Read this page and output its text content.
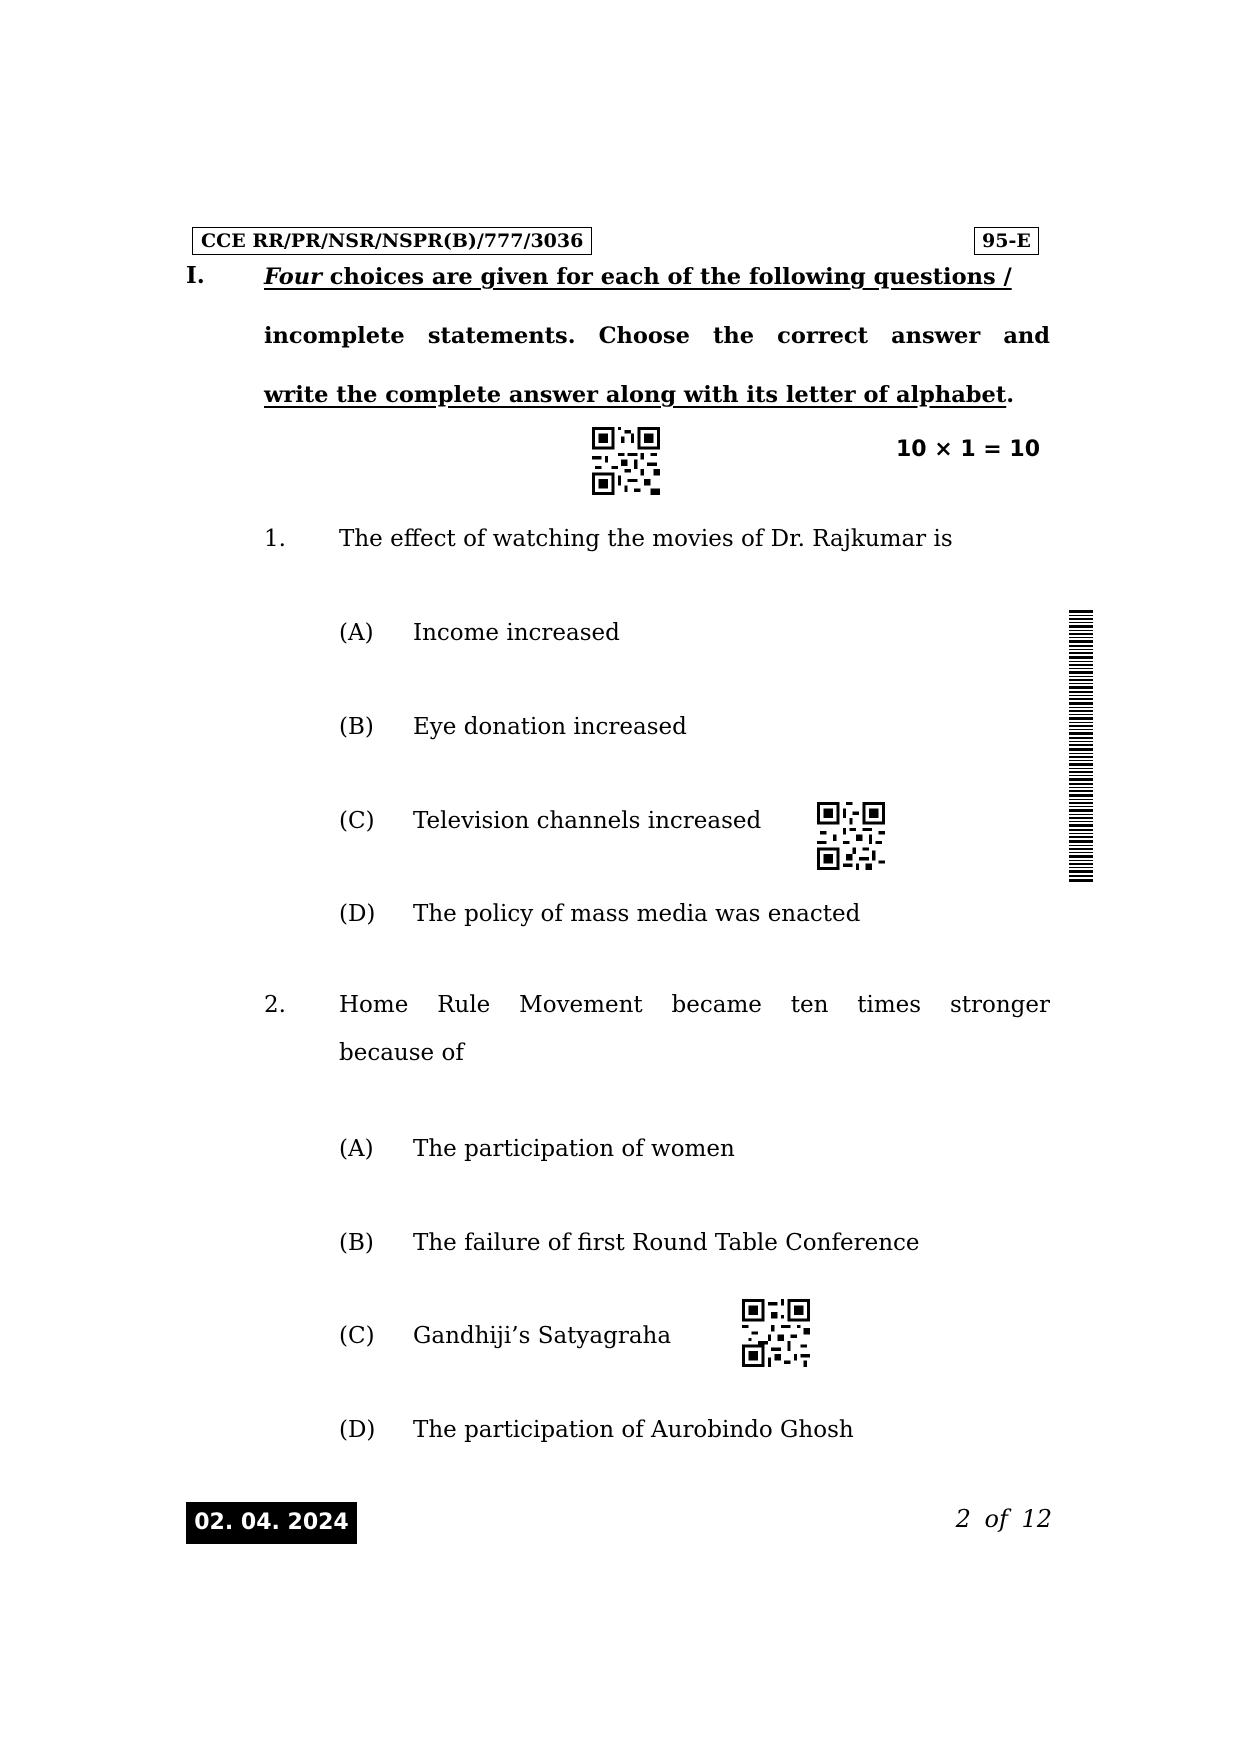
CCE RR/PR/NSR/NSPR(B)/777/3036	95-E
I.	Four choices are given for each of the following questions /
incomplete statements. Choose the correct answer and
write the complete answer along with its letter of alphabet.
10 × 1 = 10
1. The effect of watching the movies of Dr. Rajkumar is
(A) Income increased
(B) Eye donation increased
(C) Television channels increased
(D) The policy of mass media was enacted
2. Home Rule Movement became ten times stronger
because of
(A) The participation of women
(B) The failure of first Round Table Conference
(C) Gandhiji’s Satyagraha
(D) The participation of Aurobindo Ghosh
02. 04. 2024	2 of 12
